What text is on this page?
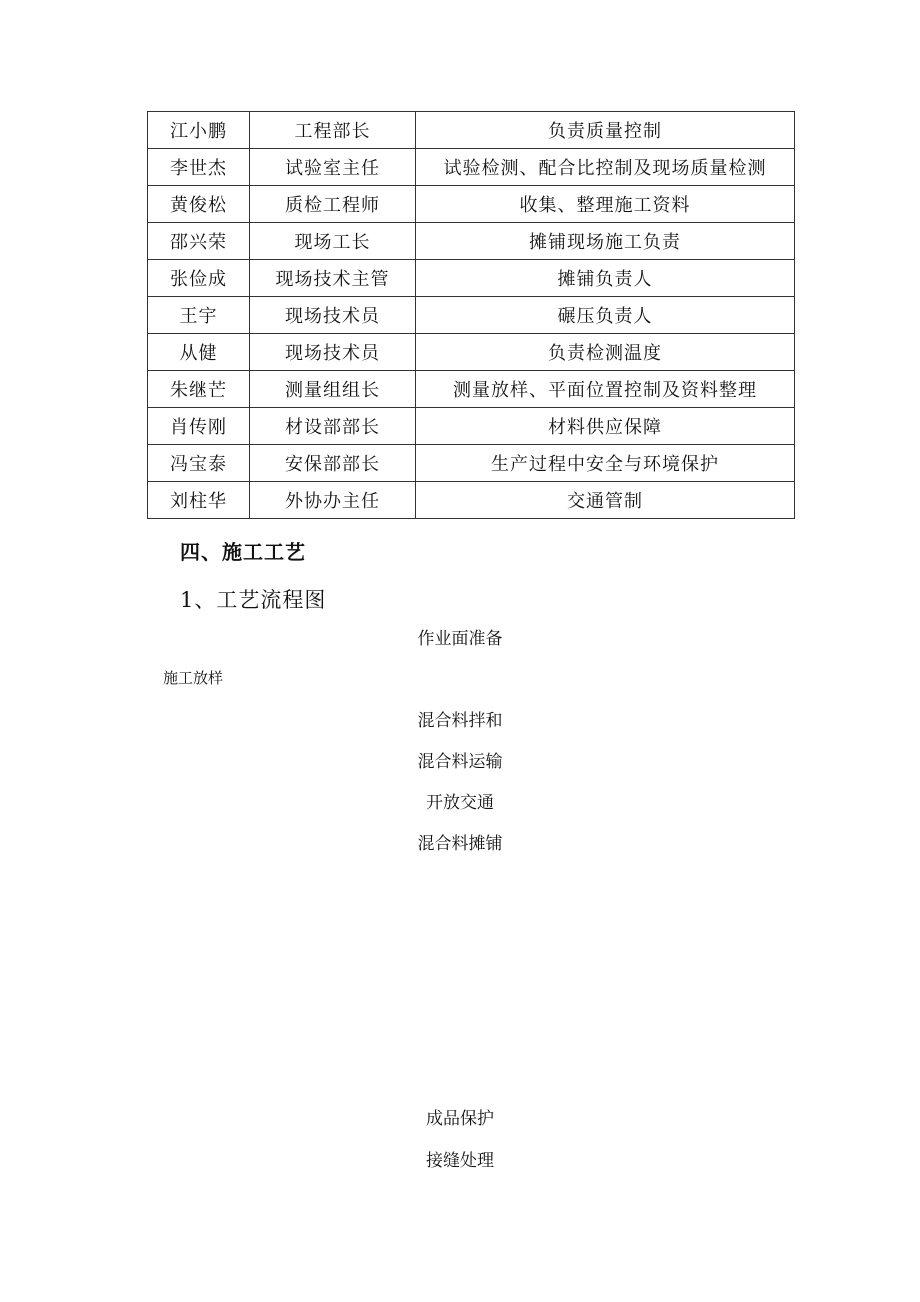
江小鹏	工程部长	负责质量控制
李世杰	试验室主任	试验检测、配合比控制及现场质量检测
黄俊松	质检工程师	收集、整理施工资料
邵兴荣	现场工长	摊铺现场施工负责
张俭成	现场技术主管	摊铺负责人
王宇	现场技术员	碾压负责人
从健	现场技术员	负责检测温度
朱继芒	测量组组长	测量放样、平面位置控制及资料整理
肖传刚	材设部部长	材料供应保障
冯宝泰	安保部部长	生产过程中安全与环境保护
刘柱华	外协办主任	交通管制
四、施工工艺
1、工艺流程图
作业面准备
施工放样
混合料拌和
混合料运输
开放交通
混合料摊铺
成品保护
接缝处理
